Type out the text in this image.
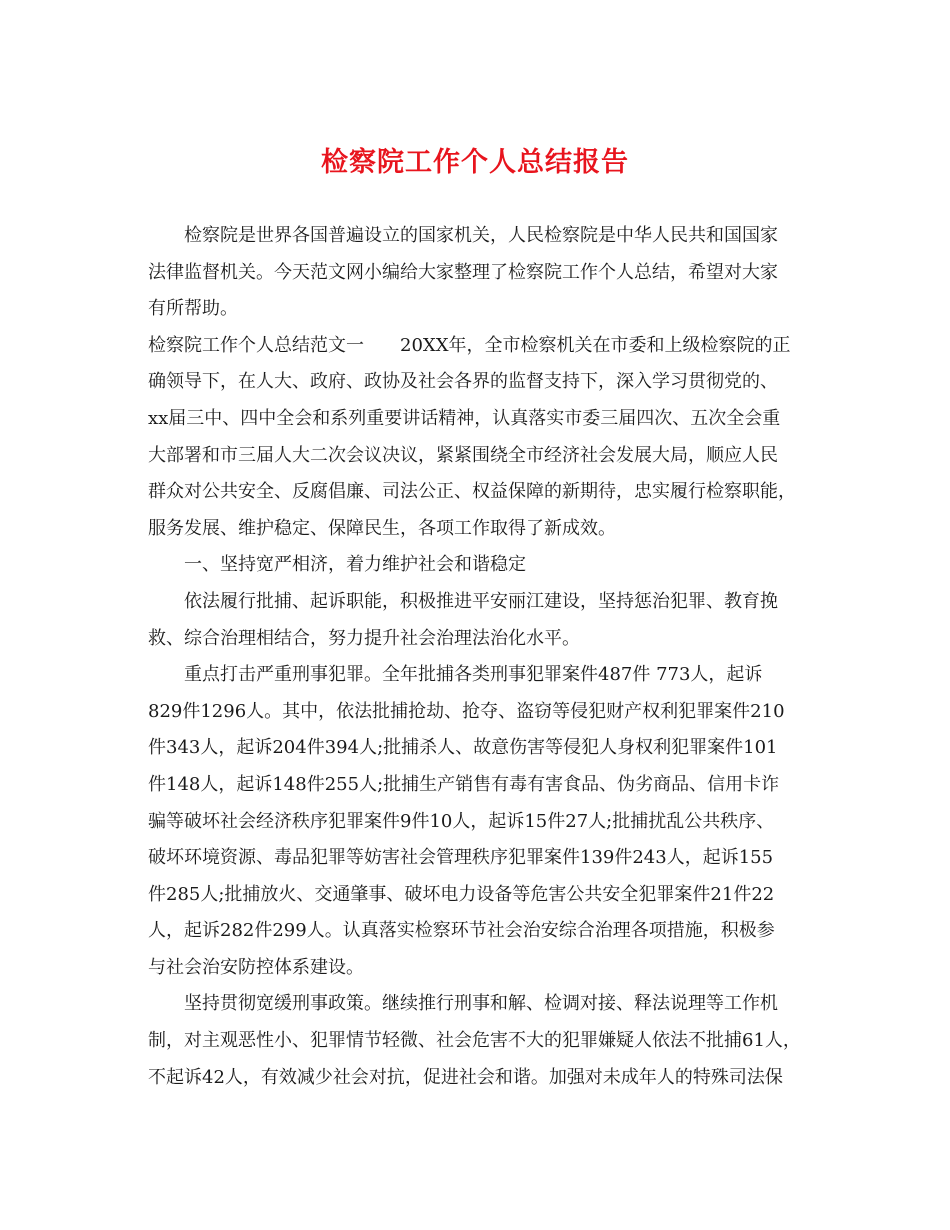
检察院工作个人总结报告
检察院是世界各国普遍设立的国家机关，人民检察院是中华人民共和国国家
法律监督机关。今天范文网小编给大家整理了检察院工作个人总结，希望对大家
有所帮助。
检察院工作个人总结范文一　　20XX年，全市检察机关在市委和上级检察院的正
确领导下，在人大、政府、政协及社会各界的监督支持下，深入学习贯彻党的、
xx届三中、四中全会和系列重要讲话精神，认真落实市委三届四次、五次全会重
大部署和市三届人大二次会议决议，紧紧围绕全市经济社会发展大局，顺应人民
群众对公共安全、反腐倡廉、司法公正、权益保障的新期待，忠实履行检察职能，
服务发展、维护稳定、保障民生，各项工作取得了新成效。
一、坚持宽严相济，着力维护社会和谐稳定
依法履行批捕、起诉职能，积极推进平安丽江建设，坚持惩治犯罪、教育挽
救、综合治理相结合，努力提升社会治理法治化水平。
重点打击严重刑事犯罪。全年批捕各类刑事犯罪案件487件 773人，起诉
829件1296人。其中，依法批捕抢劫、抢夺、盗窃等侵犯财产权利犯罪案件210
件343人，起诉204件394人;批捕杀人、故意伤害等侵犯人身权利犯罪案件101
件148人，起诉148件255人;批捕生产销售有毒有害食品、伪劣商品、信用卡诈
骗等破坏社会经济秩序犯罪案件9件10人，起诉15件27人;批捕扰乱公共秩序、
破坏环境资源、毒品犯罪等妨害社会管理秩序犯罪案件139件243人，起诉155
件285人;批捕放火、交通肇事、破坏电力设备等危害公共安全犯罪案件21件22
人，起诉282件299人。认真落实检察环节社会治安综合治理各项措施，积极参
与社会治安防控体系建设。
坚持贯彻宽缓刑事政策。继续推行刑事和解、检调对接、释法说理等工作机
制，对主观恶性小、犯罪情节轻微、社会危害不大的犯罪嫌疑人依法不批捕61人，
不起诉42人，有效减少社会对抗，促进社会和谐。加强对未成年人的特殊司法保
